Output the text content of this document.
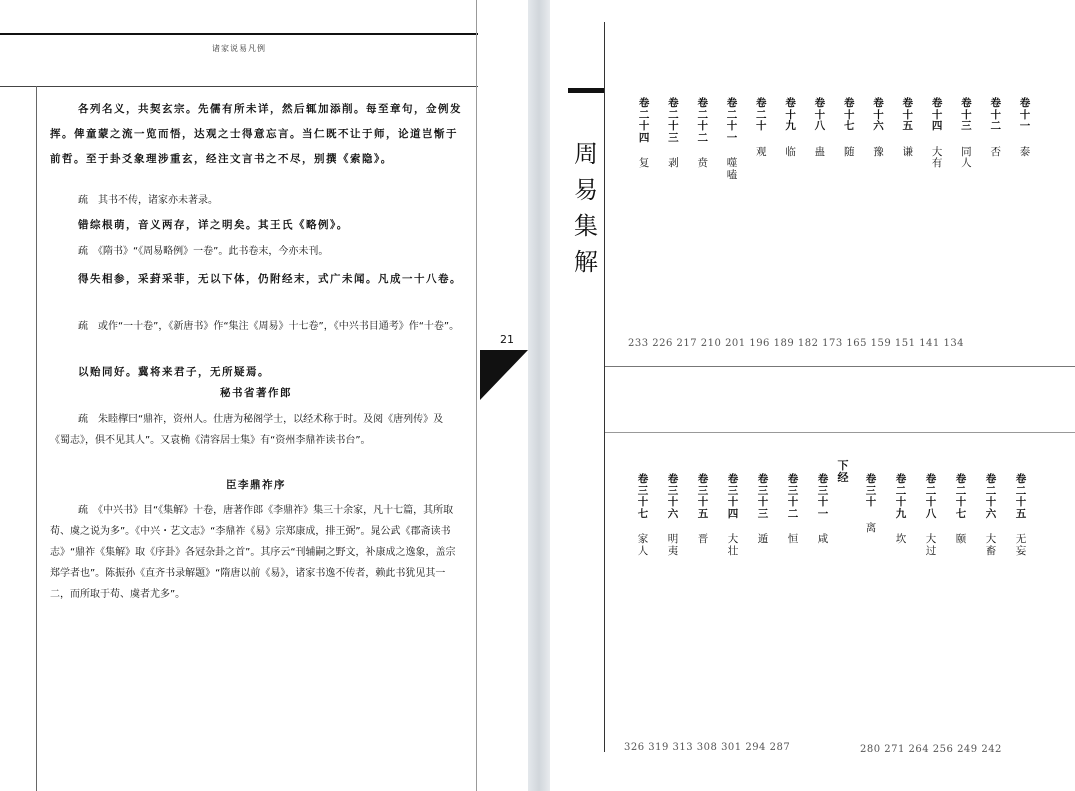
诸家说易凡例
各列名义，共契玄宗。先儒有所未详，然后辄加添削。每至章句，佥例发挥。俾童蒙之流一览而悟，达观之士得意忘言。当仁既不让于师，论道岂惭于前哲。至于卦爻象理涉重玄，经注文言书之不尽，别撰《索隐》。
疏　其书不传，诸家亦未著录。
错综根萌，音义两存，详之明矣。其王氏《略例》。
疏　《隋书》“《周易略例》一卷”。此书卷末，今亦未刊。
得失相参，采葑采菲，无以下体，仍附经末，式广未闻。凡成一十八卷。
疏　或作“一十卷”，《新唐书》作“集注《周易》十七卷”，《中兴书目通考》作“十卷”。
以贻同好。冀将来君子，无所疑焉。
秘书省著作郎
疏　朱睦㮮曰“鼎祚，资州人。仕唐为秘阁学士，以经术称于时。及阅《唐列传》及《蜀志》，俱不见其人”。又袁桷《清容居士集》有“资州李鼎祚读书台”。
臣李鼎祚序
疏　《中兴书》目“《集解》十卷，唐著作郎《李鼎祚》集三十余家，凡十七篇，其所取荀、虞之说为多”。《中兴・艺文志》“李鼎祚《易》宗郑康成，排王弼”。晁公武《郡斋读书志》“鼎祚《集解》取《序卦》各冠杂卦之首”。其序云“刊辅嗣之野文，补康成之逸象，盖宗郑学者也”。陈振孙《直齐书录解题》“隋唐以前《易》，诸家书逸不传者，赖此书犹见其一二，而所取于荀、虞者尤多”。
21
周
易
集
解
卷
十
一
泰
卷
十
二
否
卷
十
三
同
人
卷
十
四
大
有
卷
十
五
谦
卷
十
六
豫
卷
十
七
随
卷
十
八
蛊
卷
十
九
临
卷
二
十
观
卷
二
十
一
噬
嗑
卷
二
十
二
贲
卷
二
十
三
剥
卷
二
十
四
复
233 226 217 210 201 196 189 182 173 165 159 151 141 134
下
经	卷
二
十
五
无
妄
卷
二
十
六
大
畜
卷
二
十
七
颐
卷
二
十
八
大
过
卷
二
十
九
坎
卷
三
十
离
卷
三
十
一
咸
卷
三
十
二
恒
卷
三
十
三
遁
卷
三
十
四
大
壮
卷
三
十
五
晋
卷
三
十
六
明
夷
卷
三
十
七
家
人
326 319 313 308 301 294 287	280 271 264 256 249 242
